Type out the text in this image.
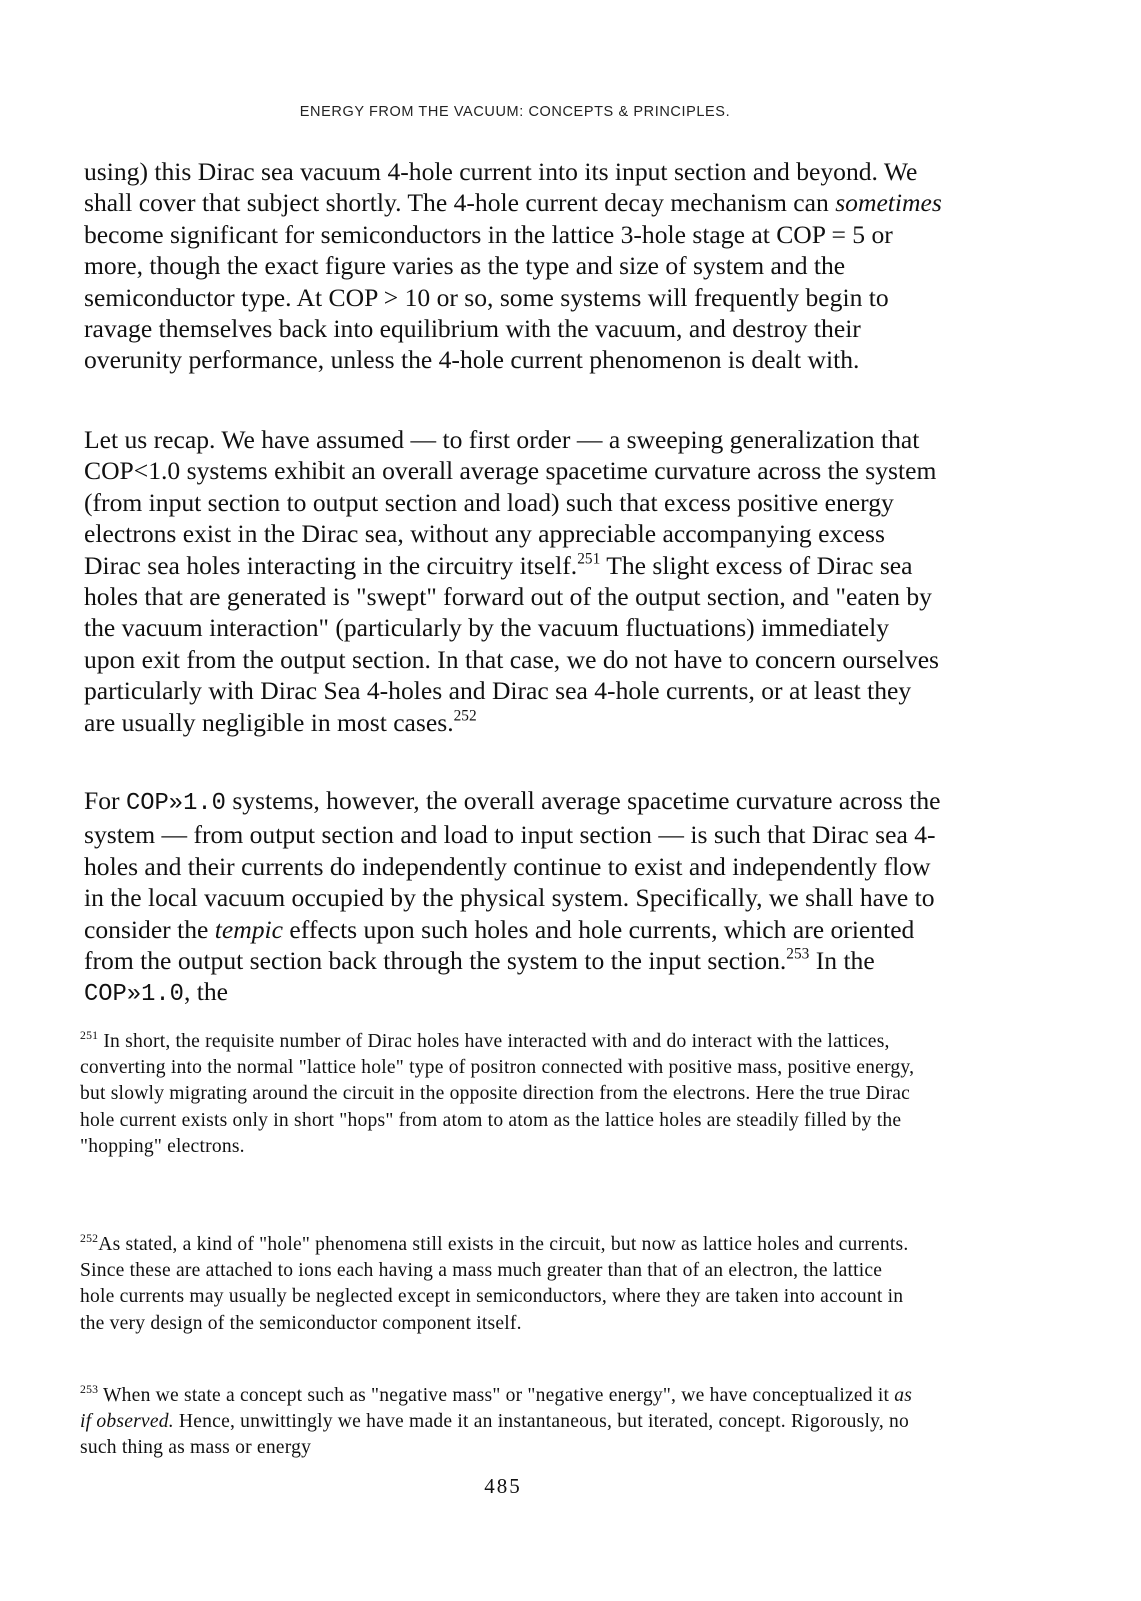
ENERGY FROM THE VACUUM: CONCEPTS & PRINCIPLES.

using) this Dirac sea vacuum 4-hole current into its input section and beyond. We shall cover that subject shortly. The 4-hole current decay mechanism can sometimes become significant for semiconductors in the lattice 3-hole stage at COP = 5 or more, though the exact figure varies as the type and size of system and the semiconductor type. At COP > 10 or so, some systems will frequently begin to ravage themselves back into equilibrium with the vacuum, and destroy their overunity performance, unless the 4-hole current phenomenon is dealt with.

Let us recap. We have assumed — to first order — a sweeping generalization that COP<1.0 systems exhibit an overall average spacetime curvature across the system (from input section to output section and load) such that excess positive energy electrons exist in the Dirac sea, without any appreciable accompanying excess Dirac sea holes interacting in the circuitry itself.$^{251}$ The slight excess of Dirac sea holes that are generated is "swept" forward out of the output section, and "eaten by the vacuum interaction" (particularly by the vacuum fluctuations) immediately upon exit from the output section. In that case, we do not have to concern ourselves particularly with Dirac Sea 4-holes and Dirac sea 4-hole currents, or at least they are usually negligible in most cases.$^{252}$

For COP»1.0 systems, however, the overall average spacetime curvature across the system — from output section and load to input section — is such that Dirac sea 4-holes and their currents do independently continue to exist and independently flow in the local vacuum occupied by the physical system. Specifically, we shall have to consider the tempic effects upon such holes and hole currents, which are oriented from the output section back through the system to the input section.$^{253}$ In the COP»1.0, the

$^{251}$ In short, the requisite number of Dirac holes have interacted with and do interact with the lattices, converting into the normal "lattice hole" type of positron connected with positive mass, positive energy, but slowly migrating around the circuit in the opposite direction from the electrons. Here the true Dirac hole current exists only in short "hops" from atom to atom as the lattice holes are steadily filled by the "hopping" electrons.

$^{252}$As stated, a kind of "hole" phenomena still exists in the circuit, but now as lattice holes and currents. Since these are attached to ions each having a mass much greater than that of an electron, the lattice hole currents may usually be neglected except in semiconductors, where they are taken into account in the very design of the semiconductor component itself.

$^{253}$ When we state a concept such as "negative mass" or "negative energy", we have conceptualized it as if observed. Hence, unwittingly we have made it an instantaneous, but iterated, concept. Rigorously, no such thing as mass or energy

485
